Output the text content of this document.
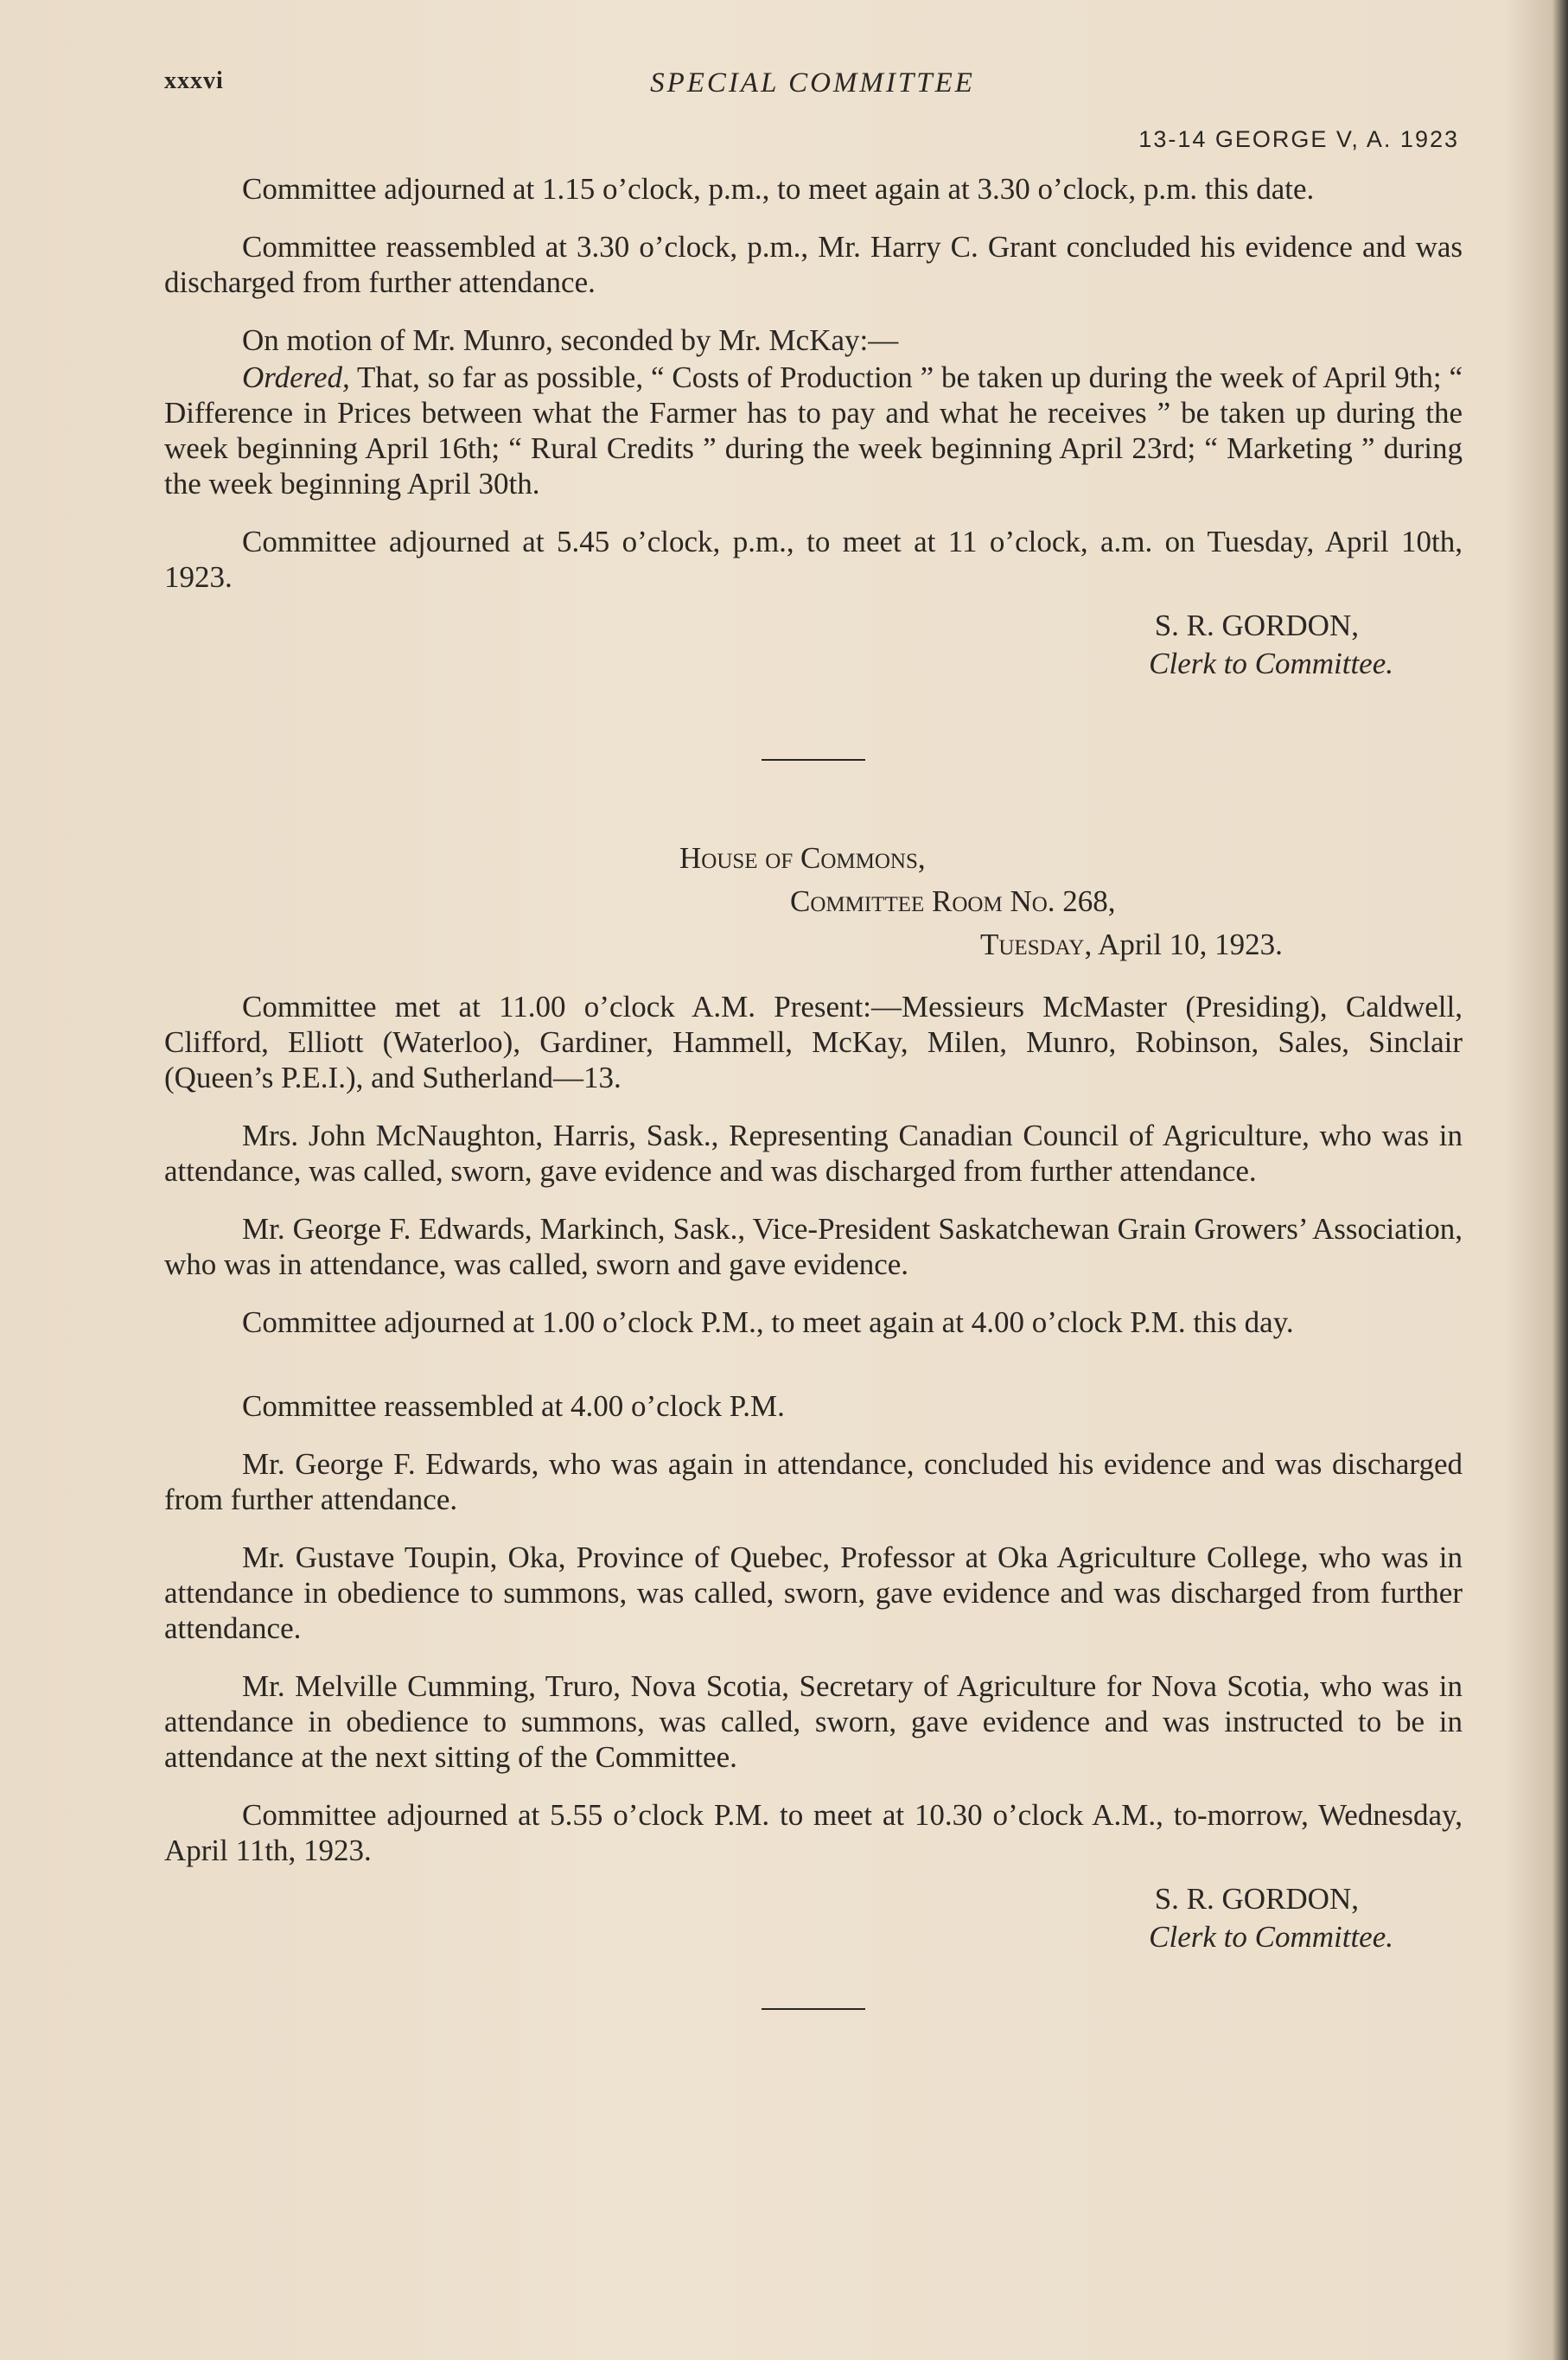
xxxvi	SPECIAL COMMITTEE
13-14 GEORGE V, A. 1923

Committee adjourned at 1.15 o’clock, p.m., to meet again at 3.30 o’clock, p.m. this date.

Committee reassembled at 3.30 o’clock, p.m., Mr. Harry C. Grant concluded his evidence and was discharged from further attendance.

On motion of Mr. Munro, seconded by Mr. McKay:—

Ordered, That, so far as possible, “ Costs of Production ” be taken up during the week of April 9th; “ Difference in Prices between what the Farmer has to pay and what he receives ” be taken up during the week beginning April 16th; “ Rural Credits ” during the week beginning April 23rd; “ Marketing ” during the week beginning April 30th.

Committee adjourned at 5.45 o’clock, p.m., to meet at 11 o’clock, a.m. on Tuesday, April 10th, 1923.

S. R. GORDON,

Clerk to Committee.

House of Commons,
Committee Room No. 268,
Tuesday, April 10, 1923.

Committee met at 11.00 o’clock A.M. Present:—Messieurs McMaster (Presiding), Caldwell, Clifford, Elliott (Waterloo), Gardiner, Hammell, McKay, Milen, Munro, Robinson, Sales, Sinclair (Queen’s P.E.I.), and Sutherland—13.

Mrs. John McNaughton, Harris, Sask., Representing Canadian Council of Agriculture, who was in attendance, was called, sworn, gave evidence and was discharged from further attendance.

Mr. George F. Edwards, Markinch, Sask., Vice-President Saskatchewan Grain Growers’ Association, who was in attendance, was called, sworn and gave evidence.

Committee adjourned at 1.00 o’clock P.M., to meet again at 4.00 o’clock P.M. this day.

Committee reassembled at 4.00 o’clock P.M.

Mr. George F. Edwards, who was again in attendance, concluded his evidence and was discharged from further attendance.

Mr. Gustave Toupin, Oka, Province of Quebec, Professor at Oka Agriculture College, who was in attendance in obedience to summons, was called, sworn, gave evidence and was discharged from further attendance.

Mr. Melville Cumming, Truro, Nova Scotia, Secretary of Agriculture for Nova Scotia, who was in attendance in obedience to summons, was called, sworn, gave evidence and was instructed to be in attendance at the next sitting of the Committee.

Committee adjourned at 5.55 o’clock P.M. to meet at 10.30 o’clock A.M., to-morrow, Wednesday, April 11th, 1923.

S. R. GORDON,

Clerk to Committee.
